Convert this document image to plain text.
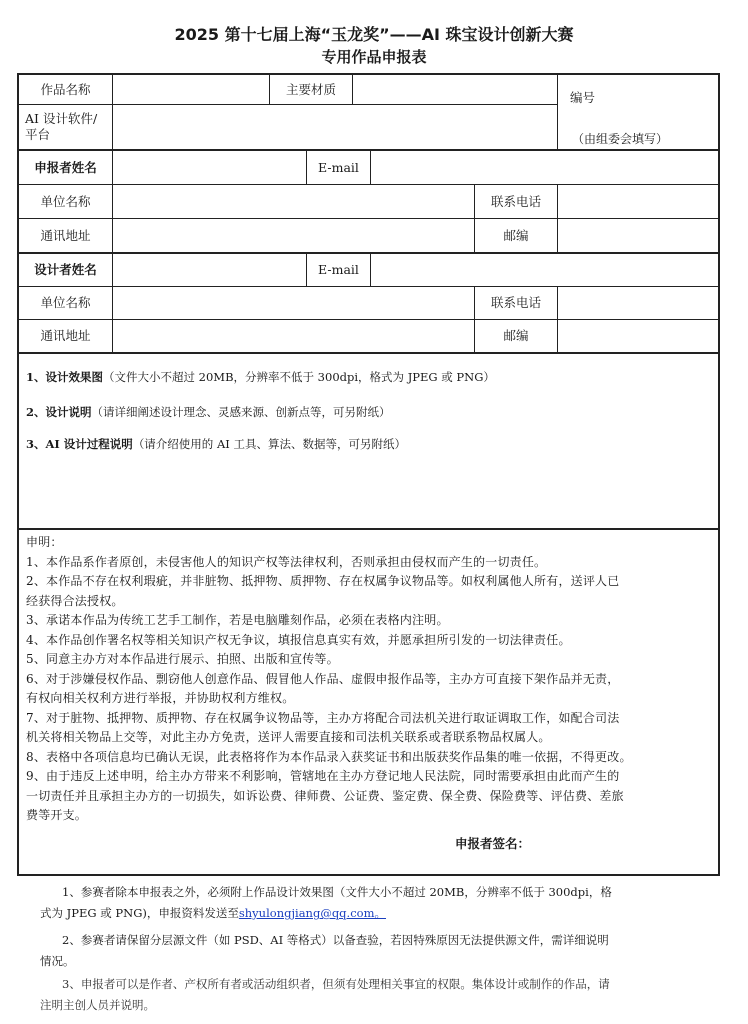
2025 第十七届上海“玉龙奖”——AI 珠宝设计创新大赛
专用作品申报表
作品名称	主要材质
AI 设计软件/
平台
编号
（由组委会填写）
申报者姓名	E-mail
单位名称	联系电话
通讯地址	邮编
设计者姓名	E-mail
单位名称	联系电话
通讯地址	邮编
1、设计效果图（文件大小不超过 20MB，分辨率不低于 300dpi，格式为 JPEG 或 PNG）
2、设计说明（请详细阐述设计理念、灵感来源、创新点等，可另附纸）
3、AI 设计过程说明（请介绍使用的 AI 工具、算法、数据等，可另附纸）
申明：
1、本作品系作者原创，未侵害他人的知识产权等法律权利，否则承担由侵权而产生的一切责任。
2、本作品不存在权利瑕疵，并非脏物、抵押物、质押物、存在权属争议物品等。如权利属他人所有，送评人已
经获得合法授权。
3、承诺本作品为传统工艺手工制作，若是电脑雕刻作品，必须在表格内注明。
4、本作品创作署名权等相关知识产权无争议，填报信息真实有效，并愿承担所引发的一切法律责任。
5、同意主办方对本作品进行展示、拍照、出版和宣传等。
6、对于涉嫌侵权作品、剽窃他人创意作品、假冒他人作品、虚假申报作品等，主办方可直接下架作品并无责，
有权向相关权利方进行举报，并协助权利方维权。
7、对于脏物、抵押物、质押物、存在权属争议物品等，主办方将配合司法机关进行取证调取工作，如配合司法
机关将相关物品上交等，对此主办方免责，送评人需要直接和司法机关联系或者联系物品权属人。
8、表格中各项信息均已确认无误，此表格将作为本作品录入获奖证书和出版获奖作品集的唯一依据，不得更改。
9、由于违反上述申明，给主办方带来不利影响，管辖地在主办方登记地人民法院，同时需要承担由此而产生的
一切责任并且承担主办方的一切损失，如诉讼费、律师费、公证费、鉴定费、保全费、保险费等、评估费、差旅
费等开支。
申报者签名：
1、参赛者除本申报表之外，必须附上作品设计效果图（文件大小不超过 20MB，分辨率不低于 300dpi，格
式为 JPEG 或 PNG)，申报资料发送至shyulongjiang@qq.com。
2、参赛者请保留分层源文件（如 PSD、AI 等格式）以备查验，若因特殊原因无法提供源文件，需详细说明
情况。
3、申报者可以是作者、产权所有者或活动组织者，但须有处理相关事宜的权限。集体设计或制作的作品，请
注明主创人员并说明。
